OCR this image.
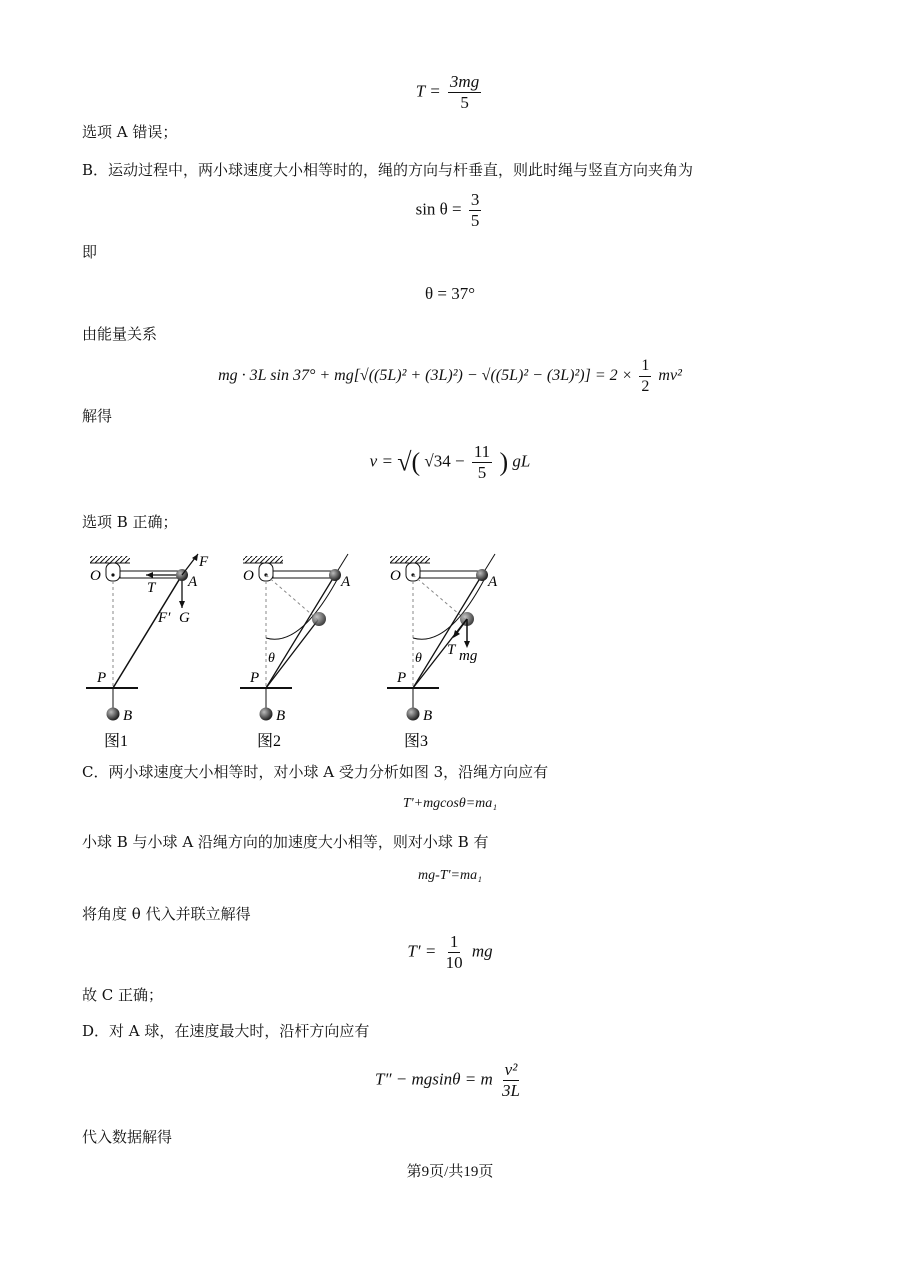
$T = \frac{3mg}{5}$
选项 A 错误；
B．运动过程中，两小球速度大小相等时的，绳的方向与杆垂直，则此时绳与竖直方向夹角为
$\sin \theta = \frac{3}{5}$
即
θ = 37°
由能量关系
mg · 3L $\sin 37^\circ + mg[√((5L)^2 + (3L)^2) - √((5L)^2 - (3L)^2)] = 2 \times \frac{1}{2} mv^2$
解得
v = √( $√34 - \frac{11}{5}$ ) gL
选项 B 正确；
O	A
F
T
G
F′
P
B
图1
O	A
θ
P
B
图2
O	A
θ
T mg
P
B
图3
C．两小球速度大小相等时，对小球 A 受力分析如图 3，沿绳方向应有
T'+mgcosθ=ma₁
小球 B 与小球 A 沿绳方向的加速度大小相等，则对小球 B 有
mg-T'=ma₁
将角度 θ 代入并联立解得
$T' = \frac{1}{10}$ mg
故 C 正确；
D．对 A 球，在速度最大时，沿杆方向应有
T″ − mgsinθ = m $\frac{\text{v²}}{3L}$
代入数据解得
第9页/共19页
